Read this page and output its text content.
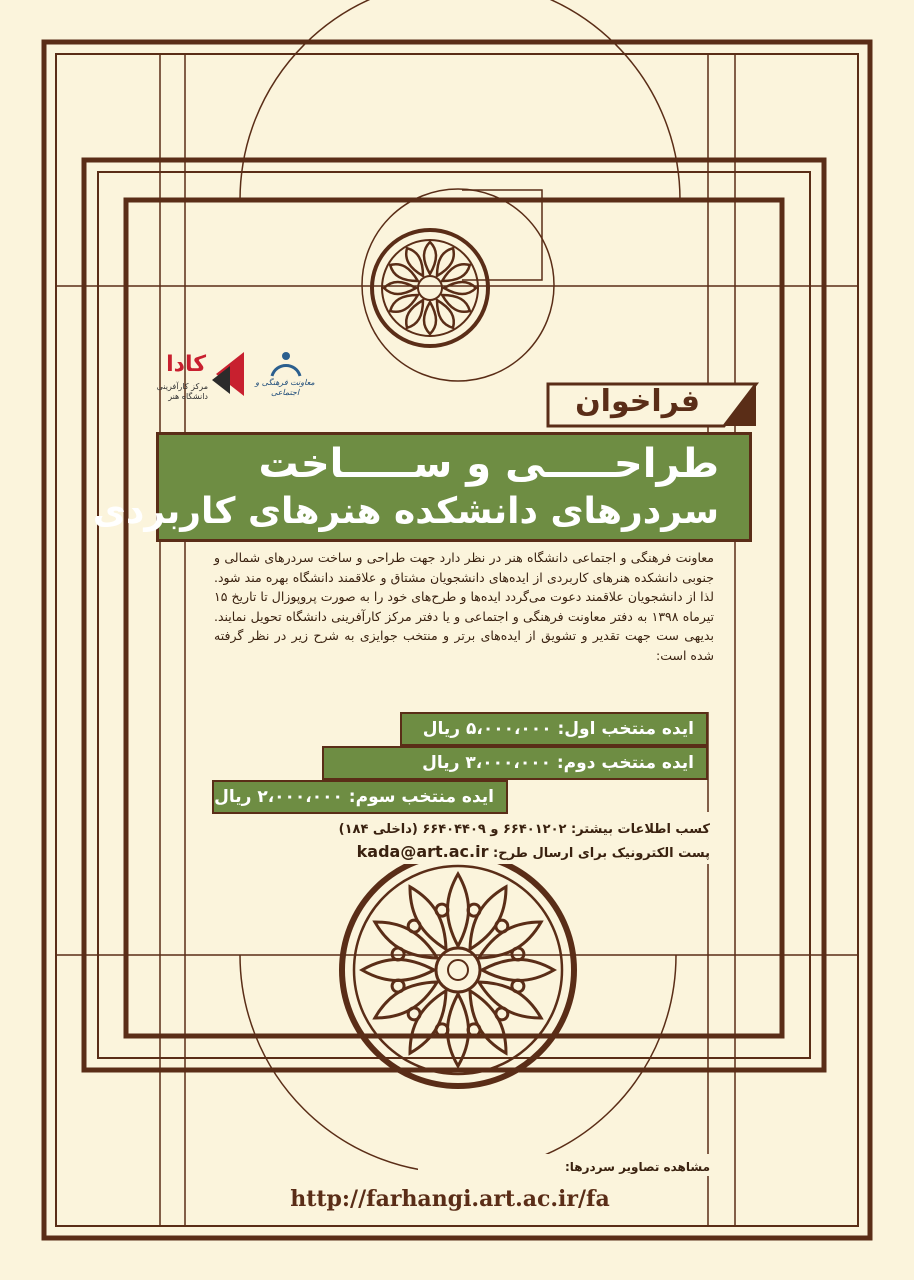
کادا
مرکز کارآفرینی دانشگاه هنر
معاونت فرهنگی و اجتماعی	فراخوان
طراحـــــی و ســـــاخت
سردرهای دانشکده هنرهای کاربردی
معاونت فرهنگی و اجتماعی دانشگاه هنر در نظر دارد جهت طراحی و ساخت سردرهای شمالی و جنوبی دانشکده هنرهای کاربردی از ایده‌های دانشجویان مشتاق و علاقمند دانشگاه بهره مند شود. لذا از دانشجویان علاقمند دعوت می‌گردد ایده‌ها و طرح‌های خود را به صورت پروپوزال تا تاریخ ۱۵ تیرماه ۱۳۹۸ به دفتر معاونت فرهنگی و اجتماعی و یا دفتر مرکز کارآفرینی دانشگاه تحویل نمایند. بدیهی ست جهت تقدیر و تشویق از ایده‌های برتر و منتخب جوایزی به شرح زیر در نظر گرفته شده است:
ایده منتخب اول: ۵،۰۰۰،۰۰۰ ریال
ایده منتخب دوم: ۳،۰۰۰،۰۰۰ ریال
ایده منتخب سوم: ۲،۰۰۰،۰۰۰ ریال
کسب اطلاعات بیشتر: ۶۶۴۰۱۲۰۲ و ۶۶۴۰۴۴۰۹ (داخلی ۱۸۴)
پست الکترونیک برای ارسال طرح: kada@art.ac.ir
مشاهده تصاویر سردرها:
http://farhangi.art.ac.ir/fa
